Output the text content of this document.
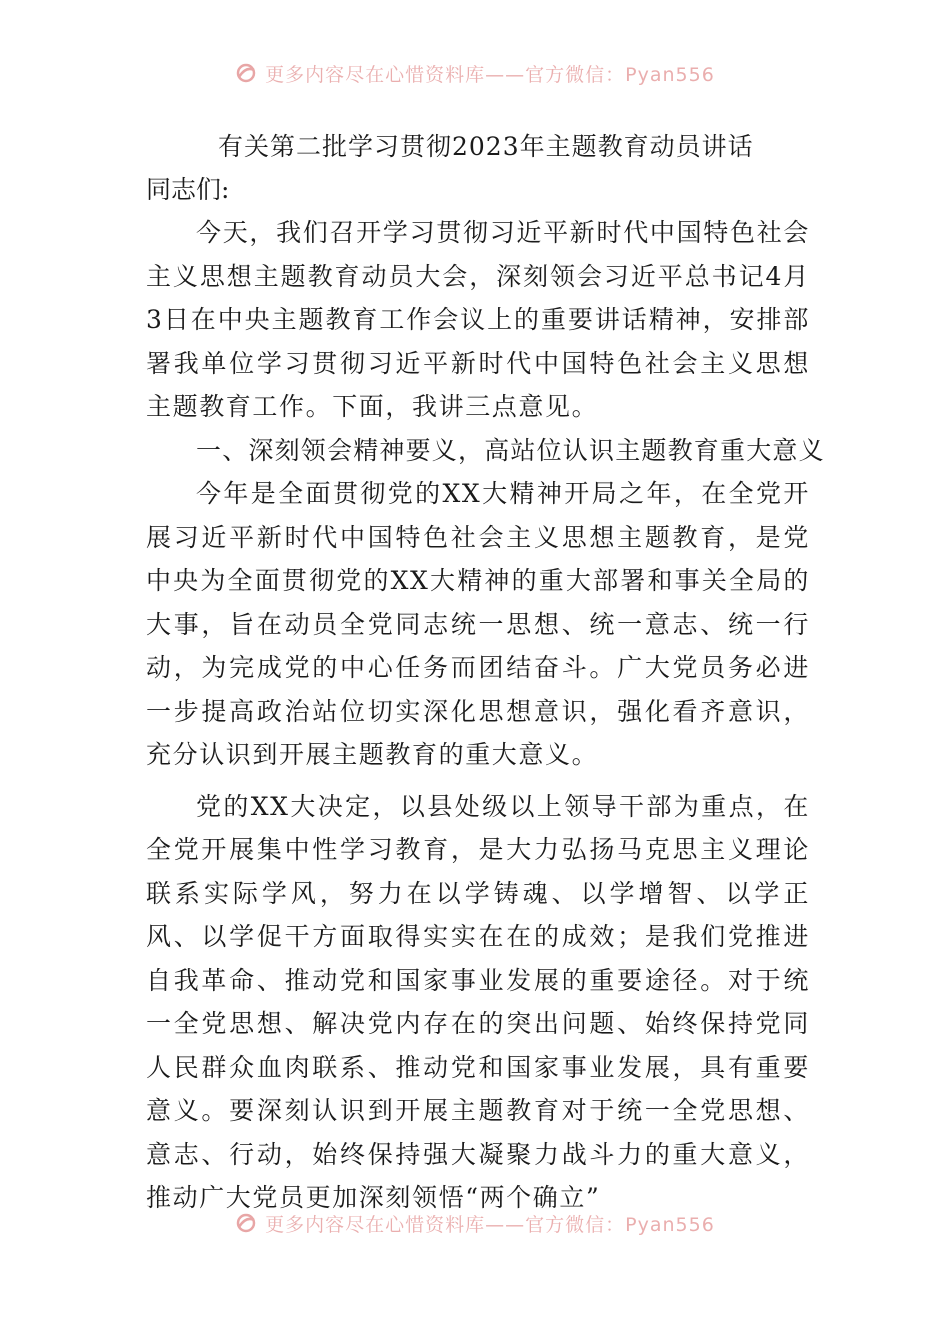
更多内容尽在心惜资料库——官方微信：Pyan556

有关第二批学习贯彻2023年主题教育动员讲话

同志们:

今天，我们召开学习贯彻习近平新时代中国特色社会主义思想主题教育动员大会，深刻领会习近平总书记4月3日在中央主题教育工作会议上的重要讲话精神，安排部署我单位学习贯彻习近平新时代中国特色社会主义思想主题教育工作。下面，我讲三点意见。

一、深刻领会精神要义，高站位认识主题教育重大意义

今年是全面贯彻党的XX大精神开局之年，在全党开展习近平新时代中国特色社会主义思想主题教育，是党中央为全面贯彻党的XX大精神的重大部署和事关全局的大事，旨在动员全党同志统一思想、统一意志、统一行动，为完成党的中心任务而团结奋斗。广大党员务必进一步提高政治站位切实深化思想意识，强化看齐意识，充分认识到开展主题教育的重大意义。

党的XX大决定，以县处级以上领导干部为重点，在全党开展集中性学习教育，是大力弘扬马克思主义理论联系实际学风，努力在以学铸魂、以学增智、以学正风、以学促干方面取得实实在在的成效；是我们党推进自我革命、推动党和国家事业发展的重要途径。对于统一全党思想、解决党内存在的突出问题、始终保持党同人民群众血肉联系、推动党和国家事业发展，具有重要意义。要深刻认识到开展主题教育对于统一全党思想、意志、行动，始终保持强大凝聚力战斗力的重大意义，推动广大党员更加深刻领悟“两个确立”

更多内容尽在心惜资料库——官方微信：Pyan556
